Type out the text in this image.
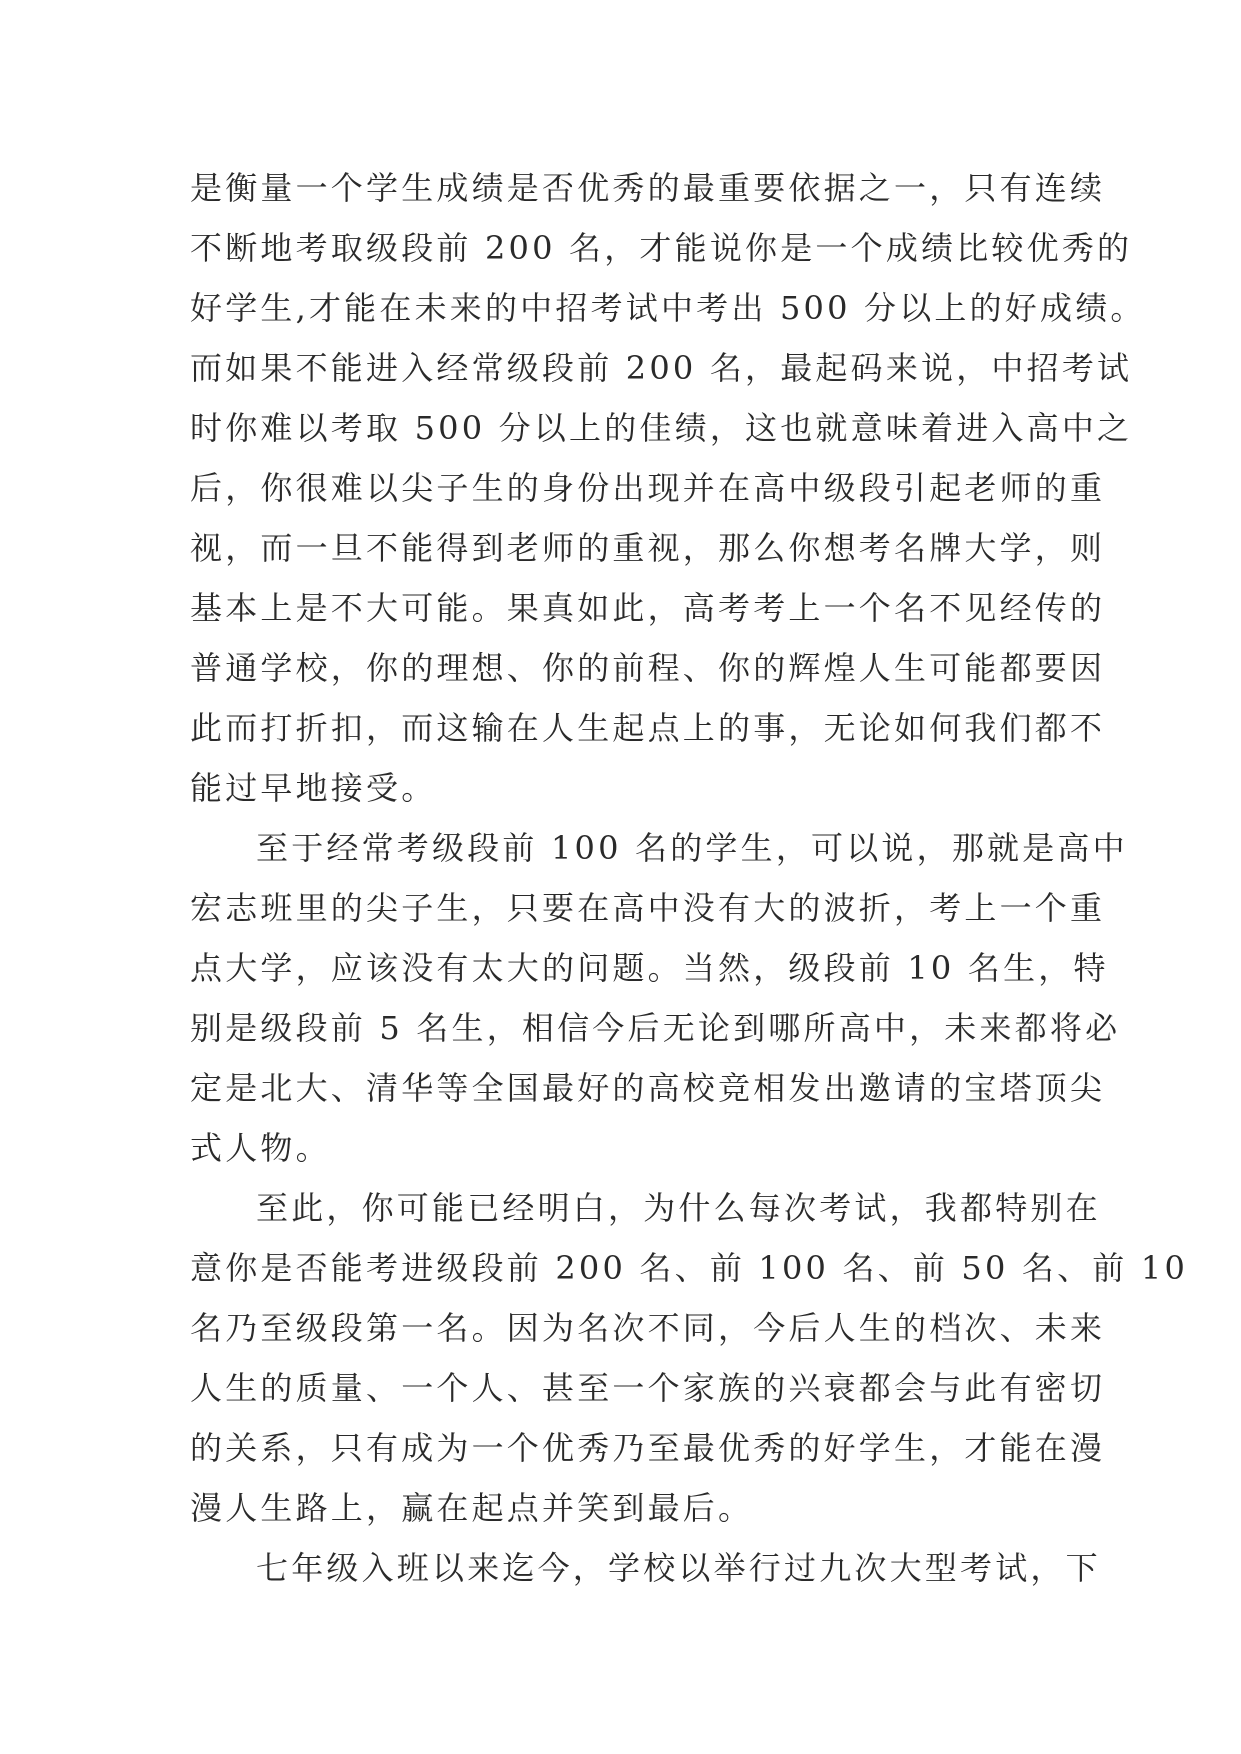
是衡量一个学生成绩是否优秀的最重要依据之一，只有连续
不断地考取级段前 200 名，才能说你是一个成绩比较优秀的
好学生,才能在未来的中招考试中考出 500 分以上的好成绩。
而如果不能进入经常级段前 200 名，最起码来说，中招考试
时你难以考取 500 分以上的佳绩，这也就意味着进入高中之
后，你很难以尖子生的身份出现并在高中级段引起老师的重
视，而一旦不能得到老师的重视，那么你想考名牌大学，则
基本上是不大可能。果真如此，高考考上一个名不见经传的
普通学校，你的理想、你的前程、你的辉煌人生可能都要因
此而打折扣，而这输在人生起点上的事，无论如何我们都不
能过早地接受。
至于经常考级段前 100 名的学生，可以说，那就是高中
宏志班里的尖子生，只要在高中没有大的波折，考上一个重
点大学，应该没有太大的问题。当然，级段前 10 名生，特
别是级段前 5 名生，相信今后无论到哪所高中，未来都将必
定是北大、清华等全国最好的高校竞相发出邀请的宝塔顶尖
式人物。
至此，你可能已经明白，为什么每次考试，我都特别在
意你是否能考进级段前 200 名、前 100 名、前 50 名、前 10
名乃至级段第一名。因为名次不同，今后人生的档次、未来
人生的质量、一个人、甚至一个家族的兴衰都会与此有密切
的关系，只有成为一个优秀乃至最优秀的好学生，才能在漫
漫人生路上，赢在起点并笑到最后。
七年级入班以来迄今，学校以举行过九次大型考试，下
